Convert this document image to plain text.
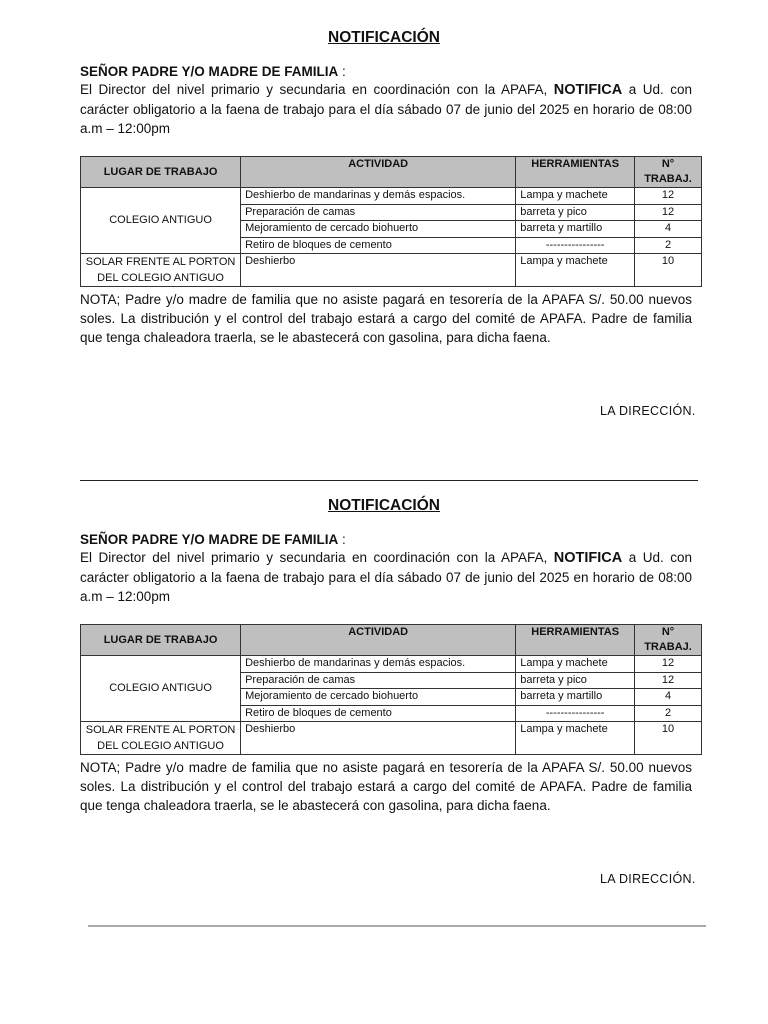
NOTIFICACIÓN

SEÑOR PADRE Y/O MADRE DE FAMILIA :

El Director del nivel primario y secundaria en coordinación con la APAFA, NOTIFICA a Ud. con carácter obligatorio a la faena de trabajo para el día sábado 07 de junio del 2025 en horario de 08:00 a.m – 12:00pm

LUGAR DE TRABAJO	ACTIVIDAD	HERRAMIENTAS	N° TRABAJ.
COLEGIO ANTIGUO	Deshierbo de mandarinas y demás espacios.	Lampa y machete	12
	Preparación de camas	barreta y pico	12
	Mejoramiento de cercado biohuerto	barreta y martillo	4
	Retiro de bloques de cemento	----------------	2
SOLAR FRENTE AL PORTON
DEL COLEGIO ANTIGUO	Deshierbo	Lampa y machete	10

NOTA; Padre y/o madre de familia que no asiste pagará en tesorería de la APAFA S/. 50.00 nuevos soles. La distribución y el control del trabajo estará a cargo del comité de APAFA. Padre de familia que tenga chaleadora traerla, se le abastecerá con gasolina, para dicha faena.

LA DIRECCIÓN.

NOTIFICACIÓN

SEÑOR PADRE Y/O MADRE DE FAMILIA :

El Director del nivel primario y secundaria en coordinación con la APAFA, NOTIFICA a Ud. con carácter obligatorio a la faena de trabajo para el día sábado 07 de junio del 2025 en horario de 08:00 a.m – 12:00pm

LUGAR DE TRABAJO	ACTIVIDAD	HERRAMIENTAS	N° TRABAJ.
COLEGIO ANTIGUO	Deshierbo de mandarinas y demás espacios.	Lampa y machete	12
	Preparación de camas	barreta y pico	12
	Mejoramiento de cercado biohuerto	barreta y martillo	4
	Retiro de bloques de cemento	----------------	2
SOLAR FRENTE AL PORTON
DEL COLEGIO ANTIGUO	Deshierbo	Lampa y machete	10

NOTA; Padre y/o madre de familia que no asiste pagará en tesorería de la APAFA S/. 50.00 nuevos soles. La distribución y el control del trabajo estará a cargo del comité de APAFA. Padre de familia que tenga chaleadora traerla, se le abastecerá con gasolina, para dicha faena.

LA DIRECCIÓN.
